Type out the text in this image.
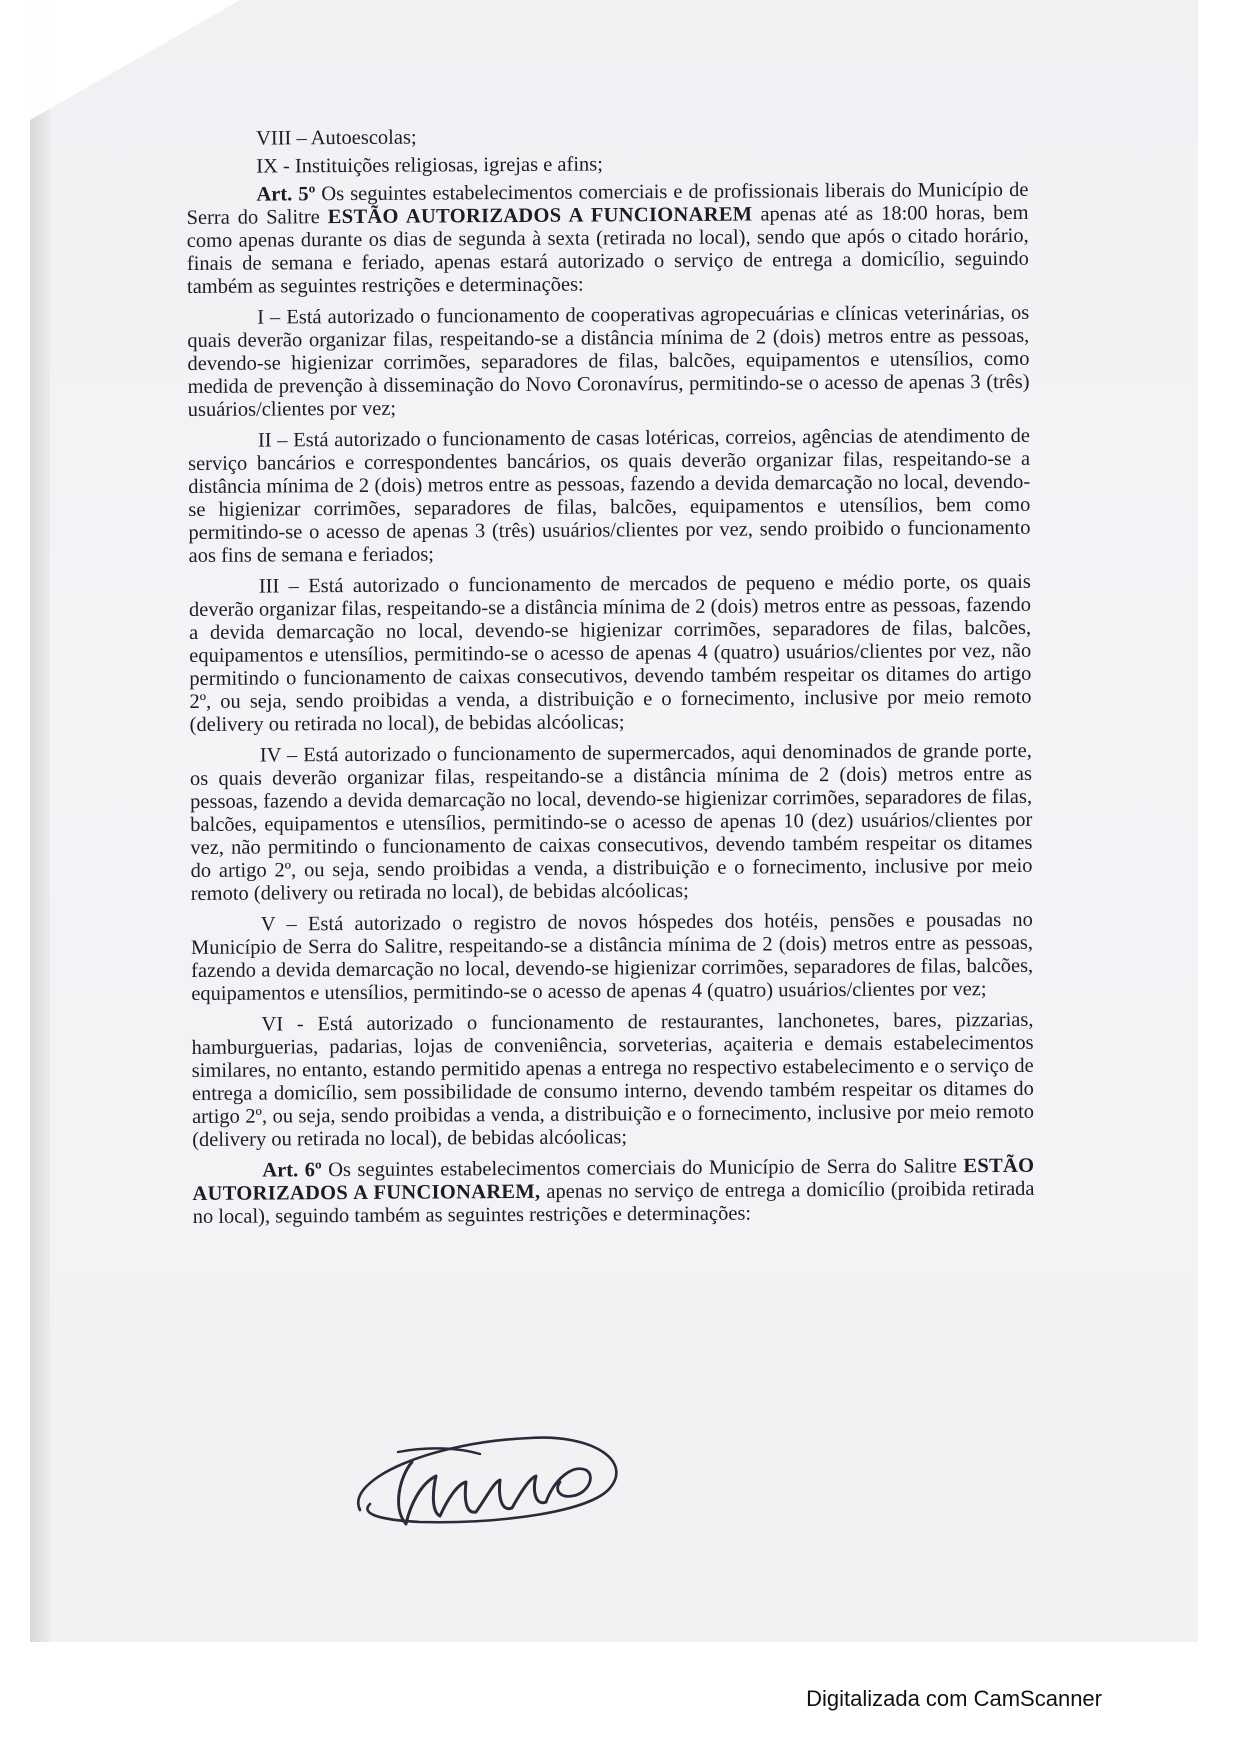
VIII – Autoescolas;
IX - Instituições religiosas, igrejas e afins;

Art. 5º Os seguintes estabelecimentos comerciais e de profissionais liberais do Município de Serra do Salitre ESTÃO AUTORIZADOS A FUNCIONAREM apenas até as 18:00 horas, bem como apenas durante os dias de segunda à sexta (retirada no local), sendo que após o citado horário, finais de semana e feriado, apenas estará autorizado o serviço de entrega a domicílio, seguindo também as seguintes restrições e determinações:

I – Está autorizado o funcionamento de cooperativas agropecuárias e clínicas veterinárias, os quais deverão organizar filas, respeitando-se a distância mínima de 2 (dois) metros entre as pessoas, devendo-se higienizar corrimões, separadores de filas, balcões, equipamentos e utensílios, como medida de prevenção à disseminação do Novo Coronavírus, permitindo-se o acesso de apenas 3 (três) usuários/clientes por vez;

II – Está autorizado o funcionamento de casas lotéricas, correios, agências de atendimento de serviço bancários e correspondentes bancários, os quais deverão organizar filas, respeitando-se a distância mínima de 2 (dois) metros entre as pessoas, fazendo a devida demarcação no local, devendo-se higienizar corrimões, separadores de filas, balcões, equipamentos e utensílios, bem como permitindo-se o acesso de apenas 3 (três) usuários/clientes por vez, sendo proibido o funcionamento aos fins de semana e feriados;

III – Está autorizado o funcionamento de mercados de pequeno e médio porte, os quais deverão organizar filas, respeitando-se a distância mínima de 2 (dois) metros entre as pessoas, fazendo a devida demarcação no local, devendo-se higienizar corrimões, separadores de filas, balcões, equipamentos e utensílios, permitindo-se o acesso de apenas 4 (quatro) usuários/clientes por vez, não permitindo o funcionamento de caixas consecutivos, devendo também respeitar os ditames do artigo 2º, ou seja, sendo proibidas a venda, a distribuição e o fornecimento, inclusive por meio remoto (delivery ou retirada no local), de bebidas alcóolicas;

IV – Está autorizado o funcionamento de supermercados, aqui denominados de grande porte, os quais deverão organizar filas, respeitando-se a distância mínima de 2 (dois) metros entre as pessoas, fazendo a devida demarcação no local, devendo-se higienizar corrimões, separadores de filas, balcões, equipamentos e utensílios, permitindo-se o acesso de apenas 10 (dez) usuários/clientes por vez, não permitindo o funcionamento de caixas consecutivos, devendo também respeitar os ditames do artigo 2º, ou seja, sendo proibidas a venda, a distribuição e o fornecimento, inclusive por meio remoto (delivery ou retirada no local), de bebidas alcóolicas;

V – Está autorizado o registro de novos hóspedes dos hotéis, pensões e pousadas no Município de Serra do Salitre, respeitando-se a distância mínima de 2 (dois) metros entre as pessoas, fazendo a devida demarcação no local, devendo-se higienizar corrimões, separadores de filas, balcões, equipamentos e utensílios, permitindo-se o acesso de apenas 4 (quatro) usuários/clientes por vez;

VI - Está autorizado o funcionamento de restaurantes, lanchonetes, bares, pizzarias, hamburguerias, padarias, lojas de conveniência, sorveterias, açaiteria e demais estabelecimentos similares, no entanto, estando permitido apenas a entrega no respectivo estabelecimento e o serviço de entrega a domicílio, sem possibilidade de consumo interno, devendo também respeitar os ditames do artigo 2º, ou seja, sendo proibidas a venda, a distribuição e o fornecimento, inclusive por meio remoto (delivery ou retirada no local), de bebidas alcóolicas;

Art. 6º Os seguintes estabelecimentos comerciais do Município de Serra do Salitre ESTÃO AUTORIZADOS A FUNCIONAREM, apenas no serviço de entrega a domicílio (proibida retirada no local), seguindo também as seguintes restrições e determinações:

Digitalizada com CamScanner
